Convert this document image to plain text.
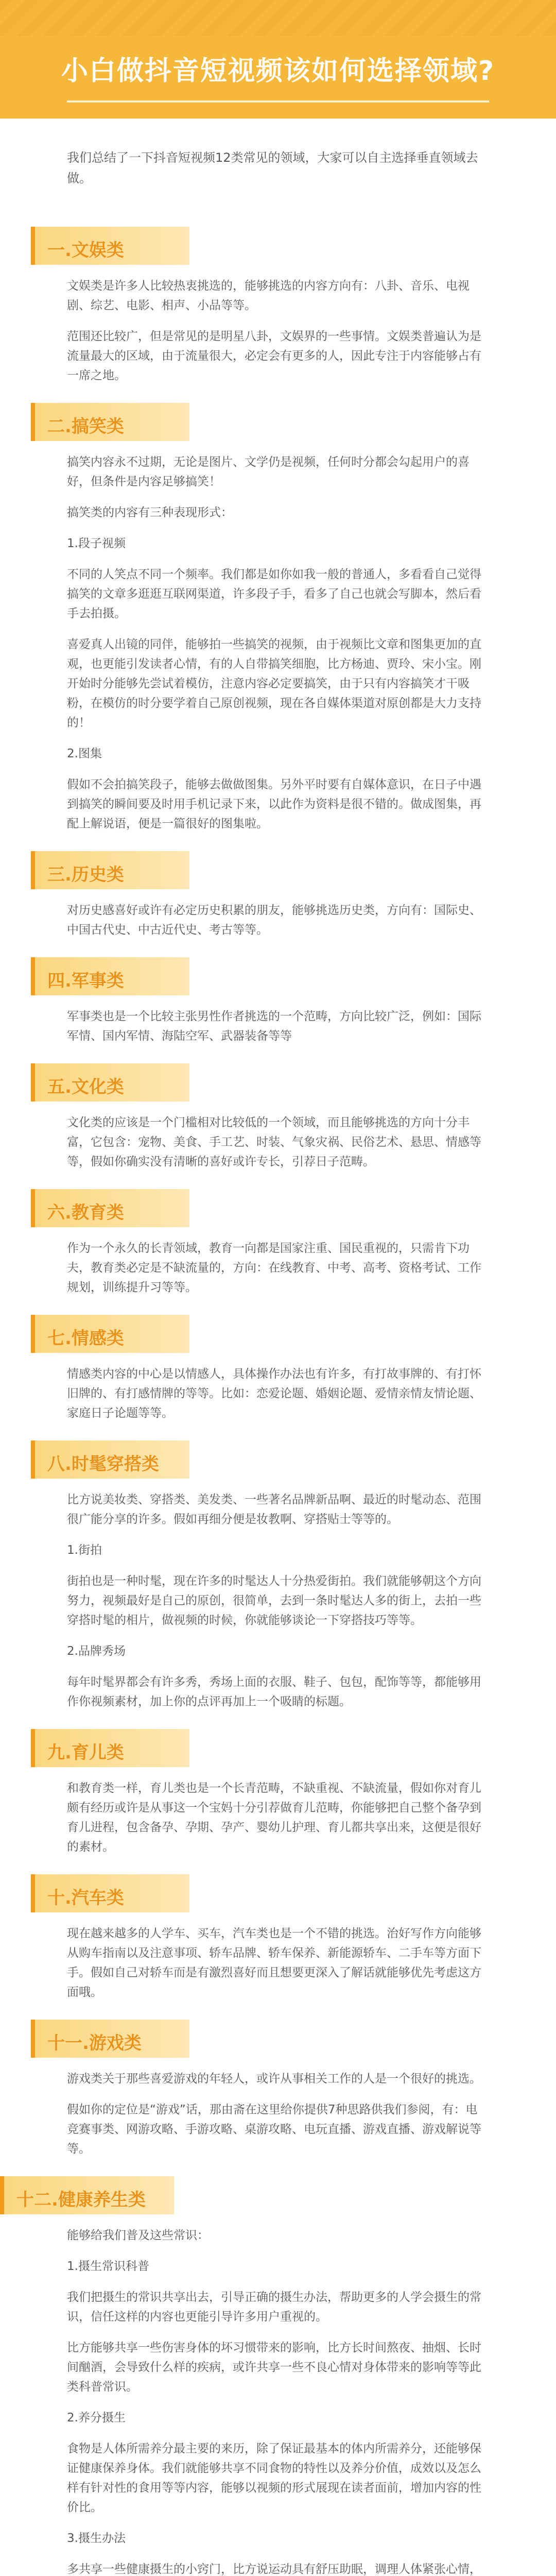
小白做抖音短视频该如何选择领域?
我们总结了一下抖音短视频12类常见的领域，大家可以自主选择垂直领域去做。
一.文娱类

文娱类是许多人比较热衷挑选的，能够挑选的内容方向有：八卦、音乐、电视剧、综艺、电影、相声、小品等等。

范围还比较广，但是常见的是明星八卦，文娱界的一些事情。文娱类普遍认为是流量最大的区域，由于流量很大，必定会有更多的人，因此专注于内容能够占有一席之地。

二.搞笑类

搞笑内容永不过期，无论是图片、文学仍是视频，任何时分都会勾起用户的喜好，但条件是内容足够搞笑！

搞笑类的内容有三种表现形式：

1.段子视频

不同的人笑点不同一个频率。我们都是如你如我一般的普通人，多看看自己觉得搞笑的文章多逛逛互联网渠道，许多段子手，看多了自己也就会写脚本，然后看手去拍摄。

喜爱真人出镜的同伴，能够拍一些搞笑的视频，由于视频比文章和图集更加的直观，也更能引发读者心情，有的人自带搞笑细胞，比方杨迪、贾玲、宋小宝。刚开始时分能够先尝试着模仿，注意内容必定要搞笑，由于只有内容搞笑才干吸粉，在模仿的时分要学着自己原创视频，现在各自媒体渠道对原创都是大力支持的！

2.图集

假如不会拍搞笑段子，能够去做做图集。另外平时要有自媒体意识，在日子中遇到搞笑的瞬间要及时用手机记录下来，以此作为资料是很不错的。做成图集，再配上解说语，便是一篇很好的图集啦。

三.历史类

对历史感喜好或许有必定历史积累的朋友，能够挑选历史类，方向有：国际史、中国古代史、中古近代史、考古等等。

四.军事类

军事类也是一个比较主张男性作者挑选的一个范畴，方向比较广泛，例如：国际军情、国内军情、海陆空军、武器装备等等

五.文化类

文化类的应该是一个门槛相对比较低的一个领域，而且能够挑选的方向十分丰富，它包含：宠物、美食、手工艺、时装、气象灾祸、民俗艺术、悬思、情感等等，假如你确实没有清晰的喜好或许专长，引荐日子范畴。

六.教育类

作为一个永久的长青领域，教育一向都是国家注重、国民重视的，只需肯下功夫，教育类必定是不缺流量的，方向：在线教育、中考、高考、资格考试、工作规划，训练提升习等等。

七.情感类

情感类内容的中心是以情感人，具体操作办法也有许多，有打故事牌的、有打怀旧牌的、有打感情牌的等等。比如：恋爱论题、婚姻论题、爱情亲情友情论题、家庭日子论题等等。

八.时髦穿搭类

比方说美妆类、穿搭类、美发类、一些著名品牌新品啊、最近的时髦动态、范围很广能分享的许多。假如再细分便是妆教啊、穿搭贴士等等的。

1.街拍

街拍也是一种时髦，现在许多的时髦达人十分热爱街拍。我们就能够朝这个方向努力，视频最好是自己的原创，很简单，去到一条时髦达人多的街上，去拍一些穿搭时髦的相片，做视频的时候，你就能够谈论一下穿搭技巧等等。

2.品牌秀场

每年时髦界都会有许多秀，秀场上面的衣服、鞋子、包包，配饰等等，都能够用作你视频素材，加上你的点评再加上一个吸睛的标题。

九.育儿类

和教育类一样，育儿类也是一个长青范畴，不缺重视、不缺流量，假如你对育儿颇有经历或许是从事这一个宝妈十分引荐做育儿范畴，你能够把自己整个备孕到育儿进程，包含备孕、孕期、孕产、婴幼儿护理、育儿都共享出来，这便是很好的素材。

十.汽车类

现在越来越多的人学车、买车，汽车类也是一个不错的挑选。治好写作方向能够从购车指南以及注意事项、轿车品牌、轿车保养、新能源轿车、二手车等方面下手。假如自己对轿车而是有激烈喜好而且想要更深入了解话就能够优先考虑这方面哦。

十一.游戏类

游戏类关于那些喜爱游戏的年轻人，或许从事相关工作的人是一个很好的挑选。

假如你的定位是“游戏”话，那由斋在这里给你提供7种思路供我们参阅，有：电竞赛事类、网游攻略、手游攻略、桌游攻略、电玩直播、游戏直播、游戏解说等等。

十二.健康养生类

能够给我们普及这些常识：

1.摄生常识科普

我们把摄生的常识共享出去，引导正确的摄生办法，帮助更多的人学会摄生的常识，信任这样的内容也更能引导许多用户重视的。

比方能够共享一些伤害身体的坏习惯带来的影响，比方长时间熬夜、抽烟、长时间酗酒，会导致什么样的疾病，或许共享一些不良心情对身体带来的影响等等此类科普常识。

2.养分摄生

食物是人体所需养分最主要的来历，除了保证最基本的体内所需养分，还能够保证健康保养身体。我们就能够共享不同食物的特性以及养分价值，成效以及怎么样有针对性的食用等等内容，能够以视频的形式展现在读者面前，增加内容的性价比。

3.摄生办法

多共享一些健康摄生的小窍门，比方说运动具有舒压助眠，调理人体紧张心情，
